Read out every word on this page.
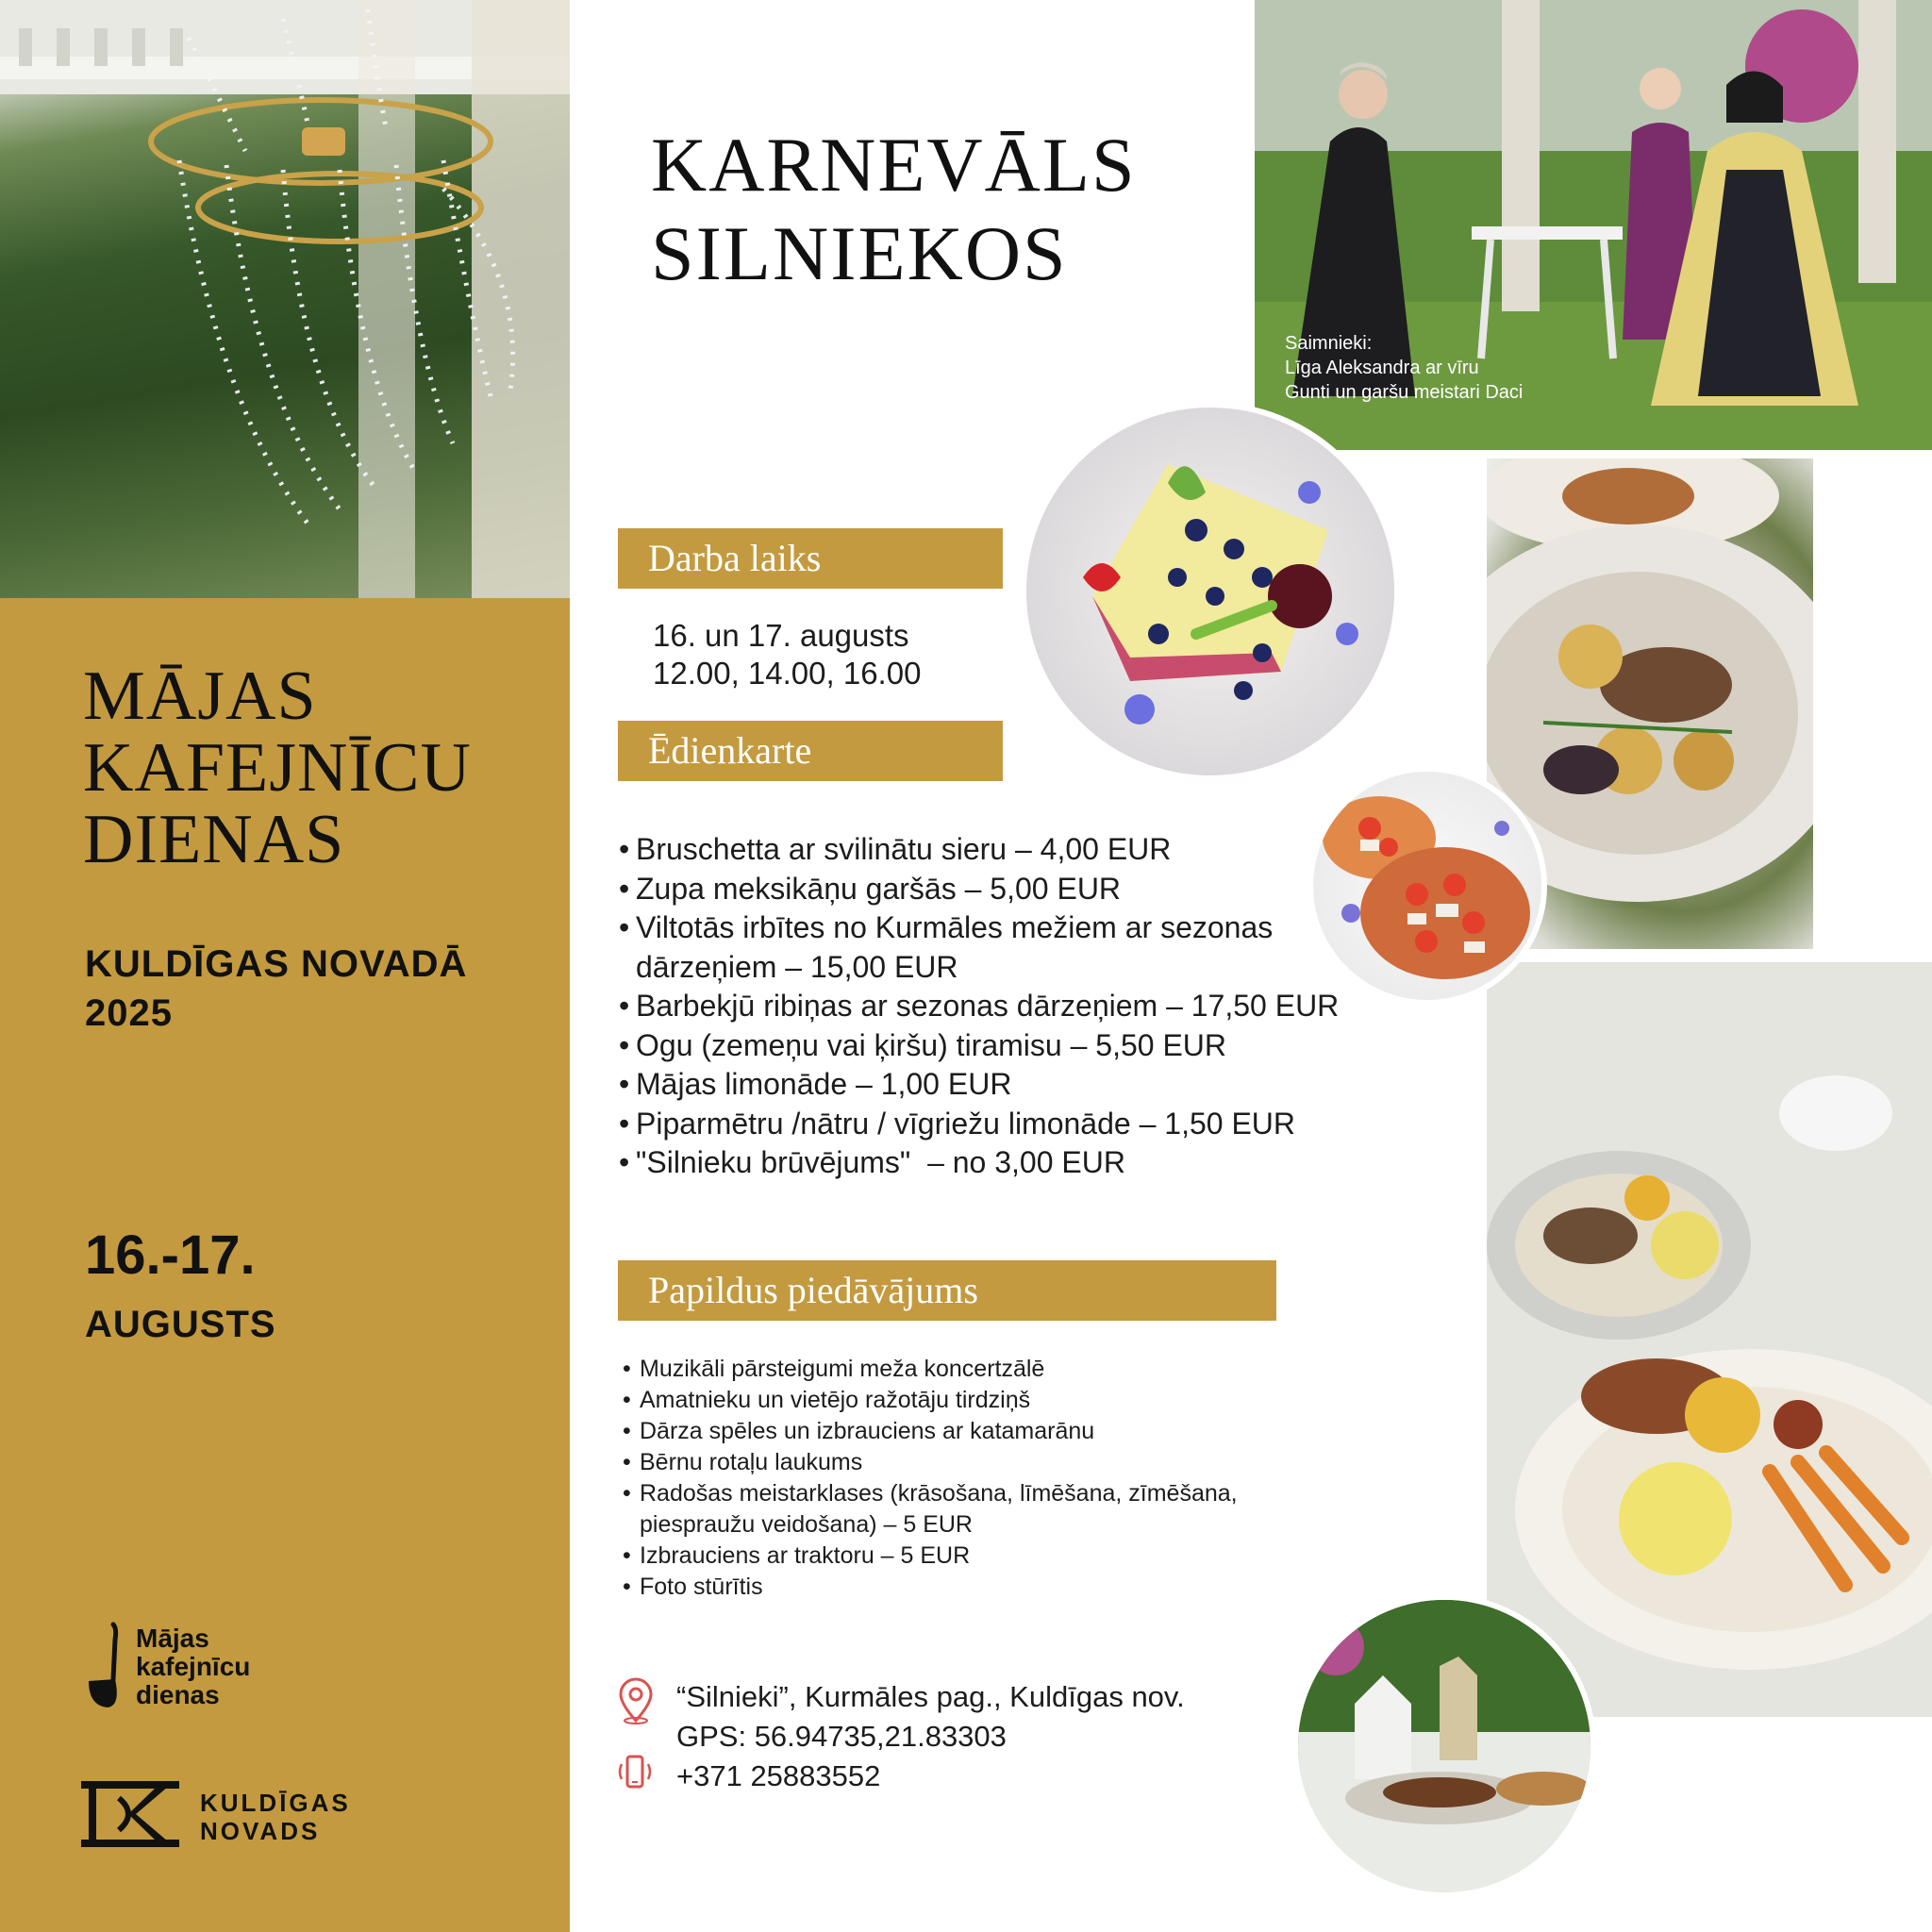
MĀJAS
KAFEJNĪCU
DIENAS
KULDĪGAS NOVADĀ
2025
16.-17.
AUGUSTS
Mājas
kafejnīcu
dienas
KULDĪGAS
NOVADS
KARNEVĀLS
SILNIEKOS
Saimnieki:
Līga Aleksandra ar vīru
Gunti un garšu meistari Daci
Darba laiks
16. un 17. augusts
12.00, 14.00, 16.00
Ēdienkarte
• Bruschetta ar svilinātu sieru – 4,00 EUR
• Zupa meksikāņu garšās – 5,00 EUR
• Viltotās irbītes no Kurmāles mežiem ar sezonas dārzeņiem – 15,00 EUR
• Barbekjū ribiņas ar sezonas dārzeņiem – 17,50 EUR
• Ogu (zemeņu vai ķiršu) tiramisu – 5,50 EUR
• Mājas limonāde – 1,00 EUR
• Piparmētru /nātru / vīgriežu limonāde – 1,50 EUR
• "Silnieku brūvējums"  – no 3,00 EUR
Papildus piedāvājums
• Muzikāli pārsteigumi meža koncertzālē
• Amatnieku un vietējo ražotāju tirdziņš
• Dārza spēles un izbrauciens ar katamarānu
• Bērnu rotaļu laukums
• Radošas meistarklases (krāsošana, līmēšana, zīmēšana, piespraužu veidošana) – 5 EUR
• Izbrauciens ar traktoru – 5 EUR
• Foto stūrītis
“Silnieki”, Kurmāles pag., Kuldīgas nov.
GPS: 56.94735,21.83303
+371 25883552
